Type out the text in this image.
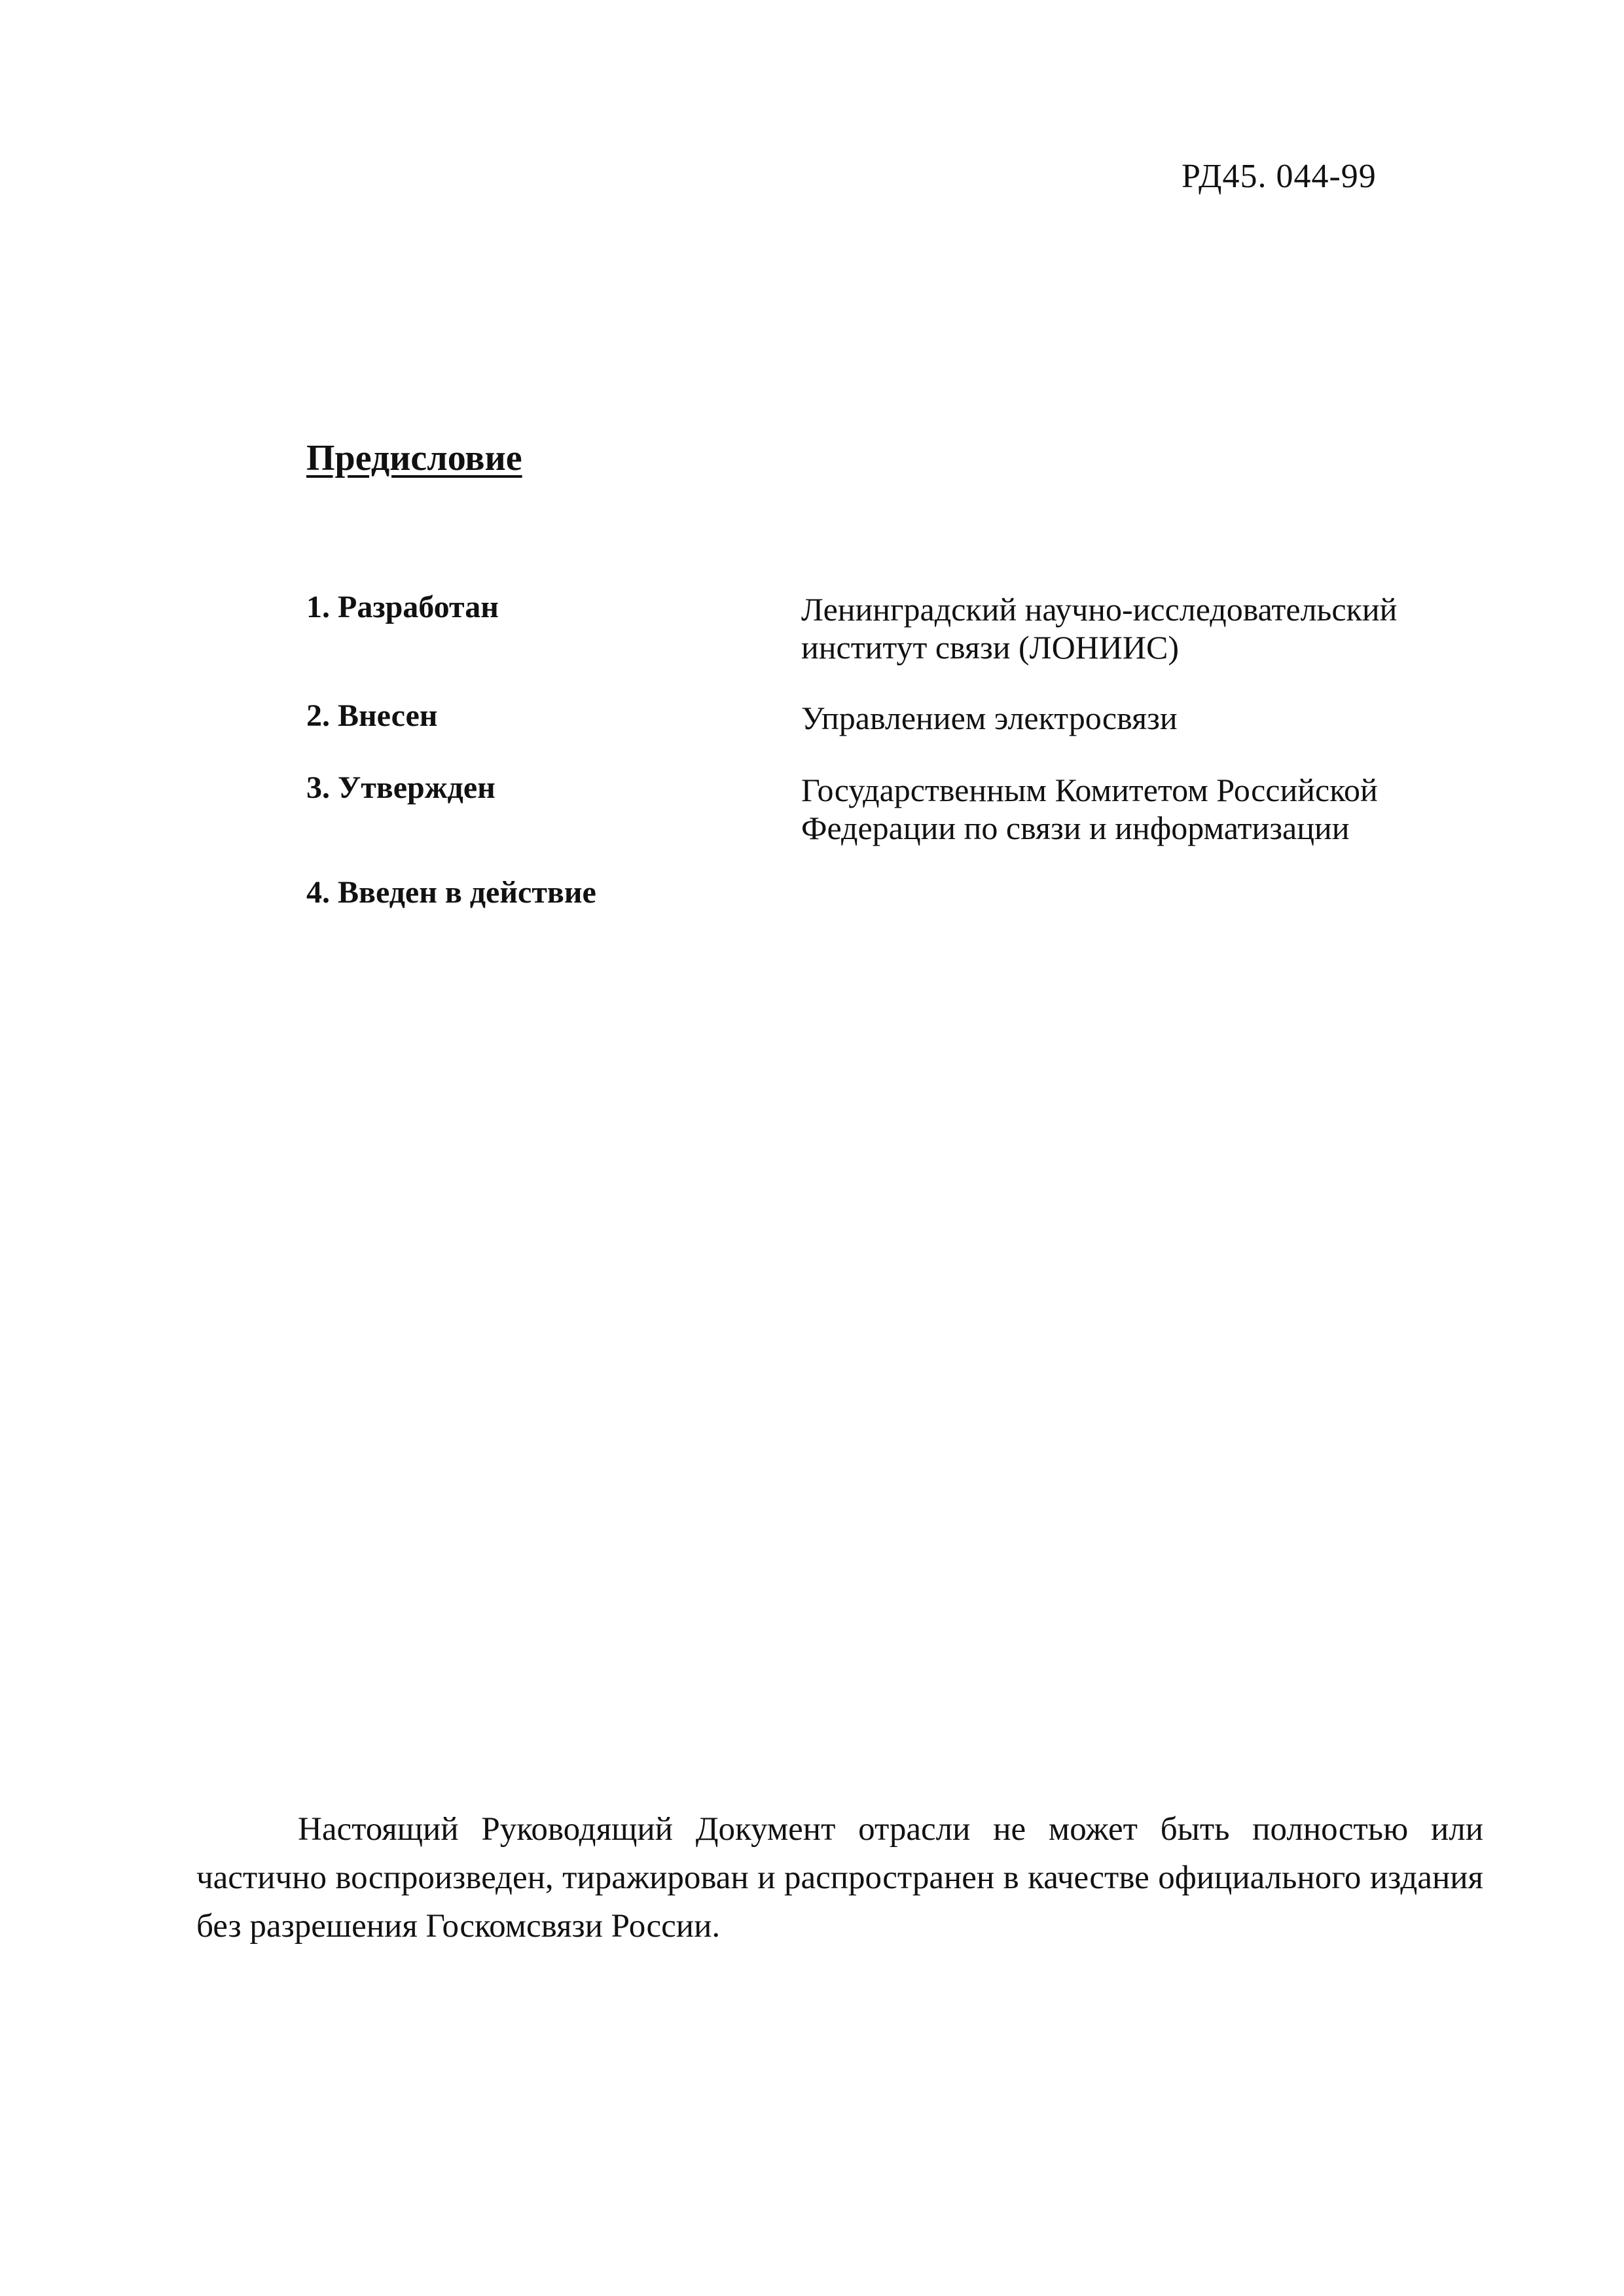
РД45. 044-99
Предисловие
1. Разработан	Ленинградский научно-исследовательский институт связи (ЛОНИИС)
2. Внесен	Управлением электросвязи
3. Утвержден	Государственным Комитетом Российской Федерации по связи и информатизации
4. Введен в действие
Настоящий Руководящий Документ отрасли не может быть полностью или частично воспроизведен, тиражирован и распространен в качестве официального издания без разрешения Госкомсвязи России.
